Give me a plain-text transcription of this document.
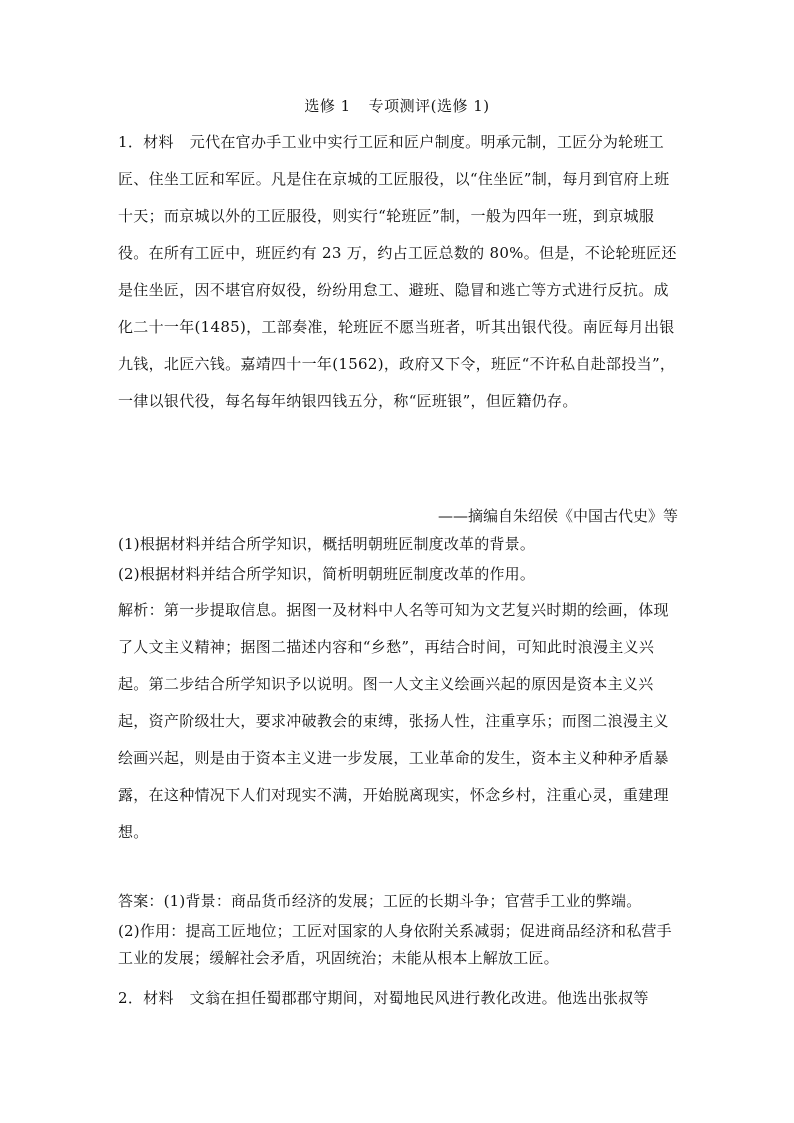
选修 1 专项测评(选修 1)

1．材料 元代在官办手工业中实行工匠和匠户制度。明承元制，工匠分为轮班工匠、住坐工匠和军匠。凡是住在京城的工匠服役，以“住坐匠”制，每月到官府上班十天；而京城以外的工匠服役，则实行“轮班匠”制，一般为四年一班，到京城服役。在所有工匠中，班匠约有 23 万，约占工匠总数的 80%。但是，不论轮班匠还是住坐匠，因不堪官府奴役，纷纷用怠工、避班、隐冒和逃亡等方式进行反抗。成化二十一年(1485)，工部奏准，轮班匠不愿当班者，听其出银代役。南匠每月出银九钱，北匠六钱。嘉靖四十一年(1562)，政府又下令，班匠“不许私自赴部投当”，一律以银代役，每名每年纳银四钱五分，称“匠班银”，但匠籍仍存。

——摘编自朱绍侯《中国古代史》等

(1)根据材料并结合所学知识，概括明朝班匠制度改革的背景。

(2)根据材料并结合所学知识，简析明朝班匠制度改革的作用。

解析：第一步提取信息。据图一及材料中人名等可知为文艺复兴时期的绘画，体现了人文主义精神；据图二描述内容和“乡愁”，再结合时间，可知此时浪漫主义兴起。第二步结合所学知识予以说明。图一人文主义绘画兴起的原因是资本主义兴起，资产阶级壮大，要求冲破教会的束缚，张扬人性，注重享乐；而图二浪漫主义绘画兴起，则是由于资本主义进一步发展，工业革命的发生，资本主义种种矛盾暴露，在这种情况下人们对现实不满，开始脱离现实，怀念乡村，注重心灵，重建理想。

答案：(1)背景：商品货币经济的发展；工匠的长期斗争；官营手工业的弊端。

(2)作用：提高工匠地位；工匠对国家的人身依附关系减弱；促进商品经济和私营手工业的发展；缓解社会矛盾，巩固统治；未能从根本上解放工匠。

2．材料 文翁在担任蜀郡郡守期间，对蜀地民风进行教化改进。他选出张叔等
